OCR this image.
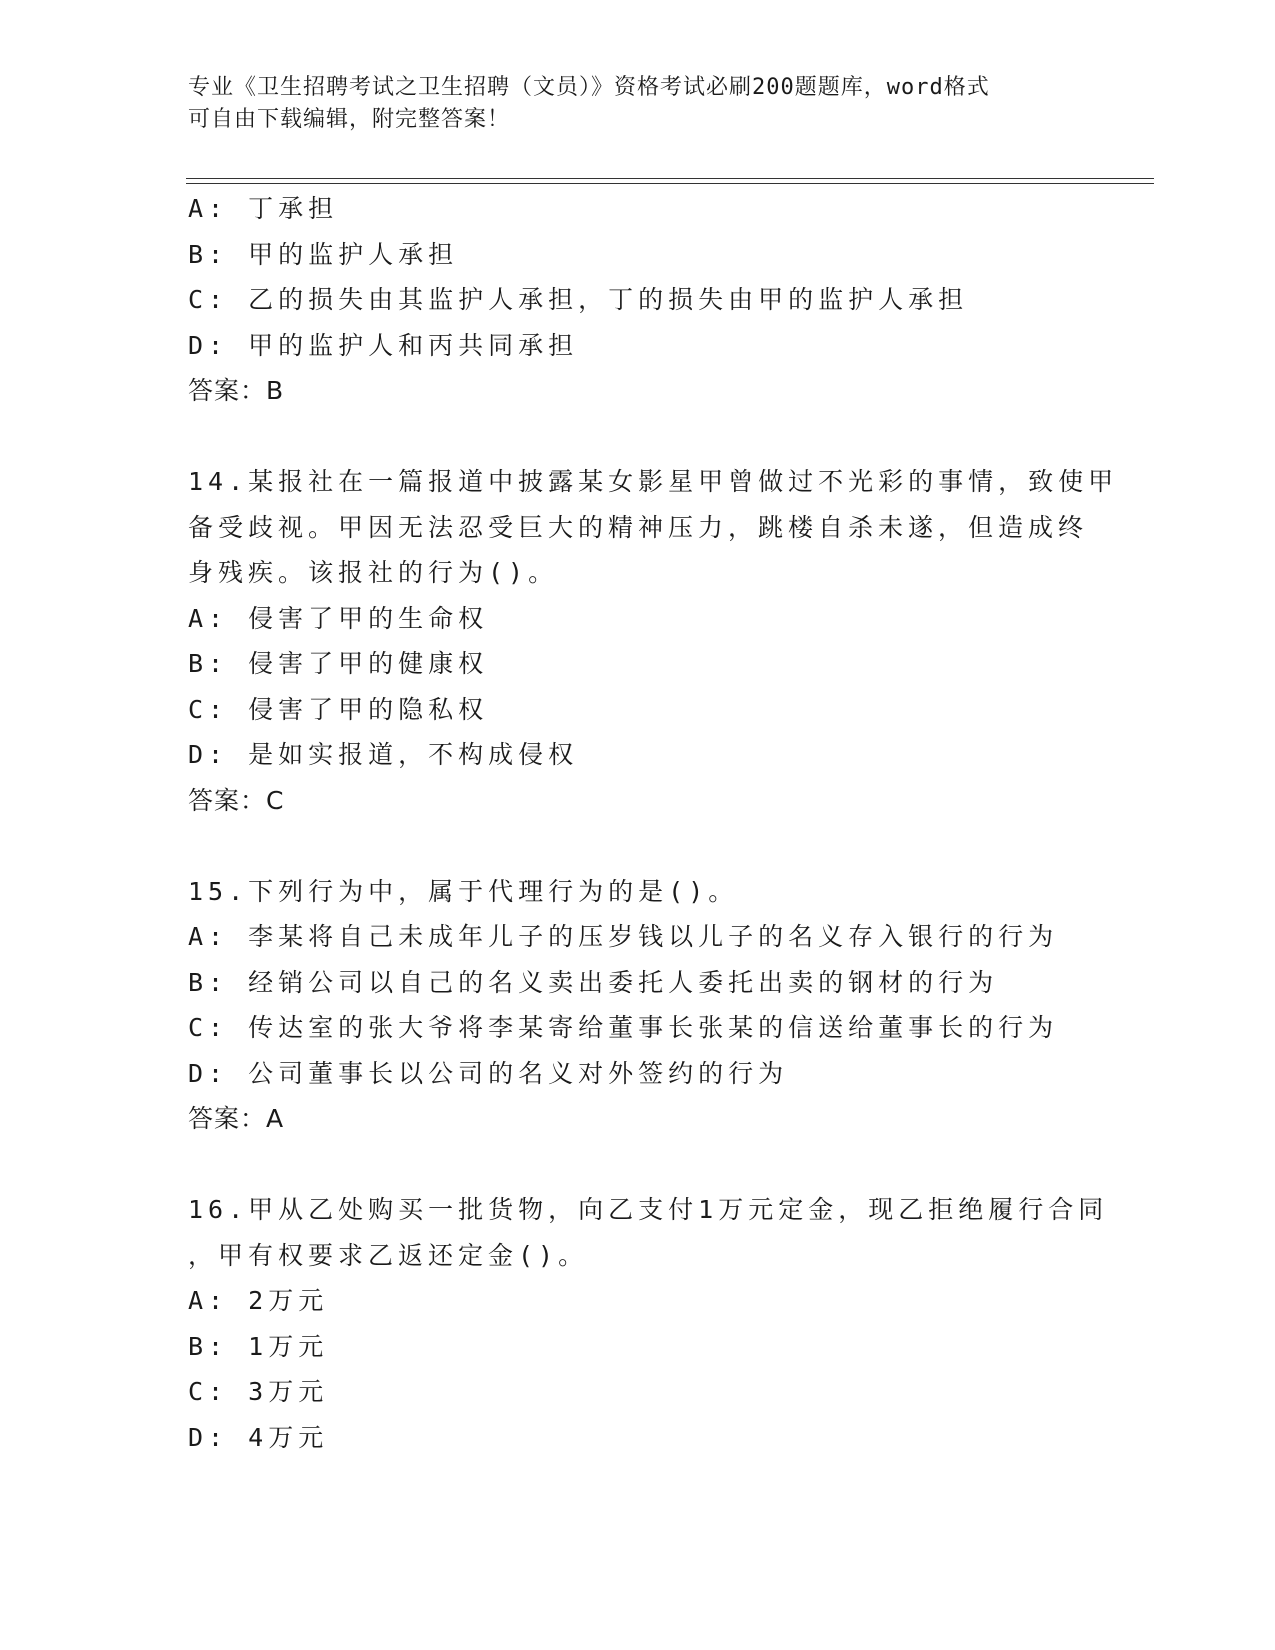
专业《卫生招聘考试之卫生招聘（文员）》资格考试必刷200题题库，word格式
可自由下载编辑，附完整答案！
A: 丁承担
B: 甲的监护人承担
C: 乙的损失由其监护人承担，丁的损失由甲的监护人承担
D: 甲的监护人和丙共同承担
答案：B
14.某报社在一篇报道中披露某女影星甲曾做过不光彩的事情，致使甲
备受歧视。甲因无法忍受巨大的精神压力，跳楼自杀未遂，但造成终
身残疾。该报社的行为()。
A: 侵害了甲的生命权
B: 侵害了甲的健康权
C: 侵害了甲的隐私权
D: 是如实报道，不构成侵权
答案：C
15.下列行为中，属于代理行为的是()。
A: 李某将自己未成年儿子的压岁钱以儿子的名义存入银行的行为
B: 经销公司以自己的名义卖出委托人委托出卖的钢材的行为
C: 传达室的张大爷将李某寄给董事长张某的信送给董事长的行为
D: 公司董事长以公司的名义对外签约的行为
答案：A
16.甲从乙处购买一批货物，向乙支付1万元定金，现乙拒绝履行合同
，甲有权要求乙返还定金()。
A: 2万元
B: 1万元
C: 3万元
D: 4万元
